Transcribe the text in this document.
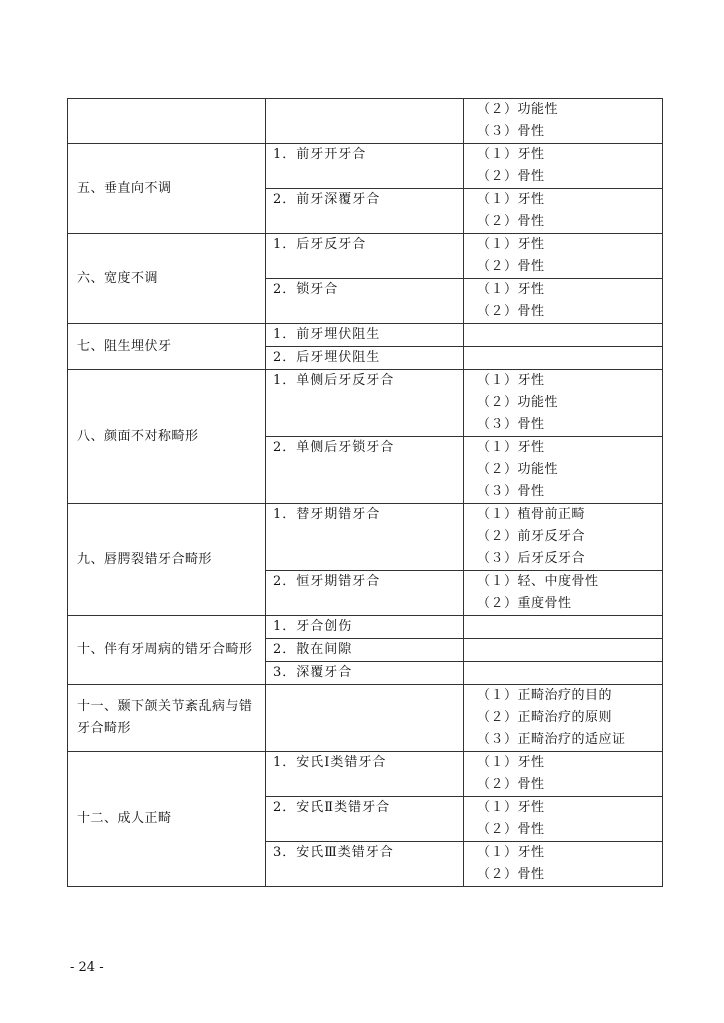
		（２）功能性
（３）骨性

五、垂直向不调	1．前牙开牙合	（１）牙性
（２）骨性

	2．前牙深覆牙合	（１）牙性
（２）骨性

六、宽度不调	1．后牙反牙合	（１）牙性
（２）骨性

	2．锁牙合	（１）牙性
（２）骨性

七、阻生埋伏牙	1．前牙埋伏阻生	

	2．后牙埋伏阻生	

八、颜面不对称畸形	1．单侧后牙反牙合	（１）牙性
（２）功能性
（３）骨性

	2．单侧后牙锁牙合	（１）牙性
（２）功能性
（３）骨性

九、唇腭裂错牙合畸形	1．替牙期错牙合	（１）植骨前正畸
（２）前牙反牙合
（３）后牙反牙合

	2．恒牙期错牙合	（１）轻、中度骨性
（２）重度骨性

十、伴有牙周病的错牙合畸形	1．牙合创伤	

	2．散在间隙	

	3．深覆牙合	

十一、颞下颌关节紊乱病与错牙合畸形		（１）正畸治疗的目的
（２）正畸治疗的原则
（３）正畸治疗的适应证

十二、成人正畸	1．安氏Ⅰ类错牙合	（１）牙性
（２）骨性

	2．安氏Ⅱ类错牙合	（１）牙性
（２）骨性

	3．安氏Ⅲ类错牙合	（１）牙性
（２）骨性
- 24 -
